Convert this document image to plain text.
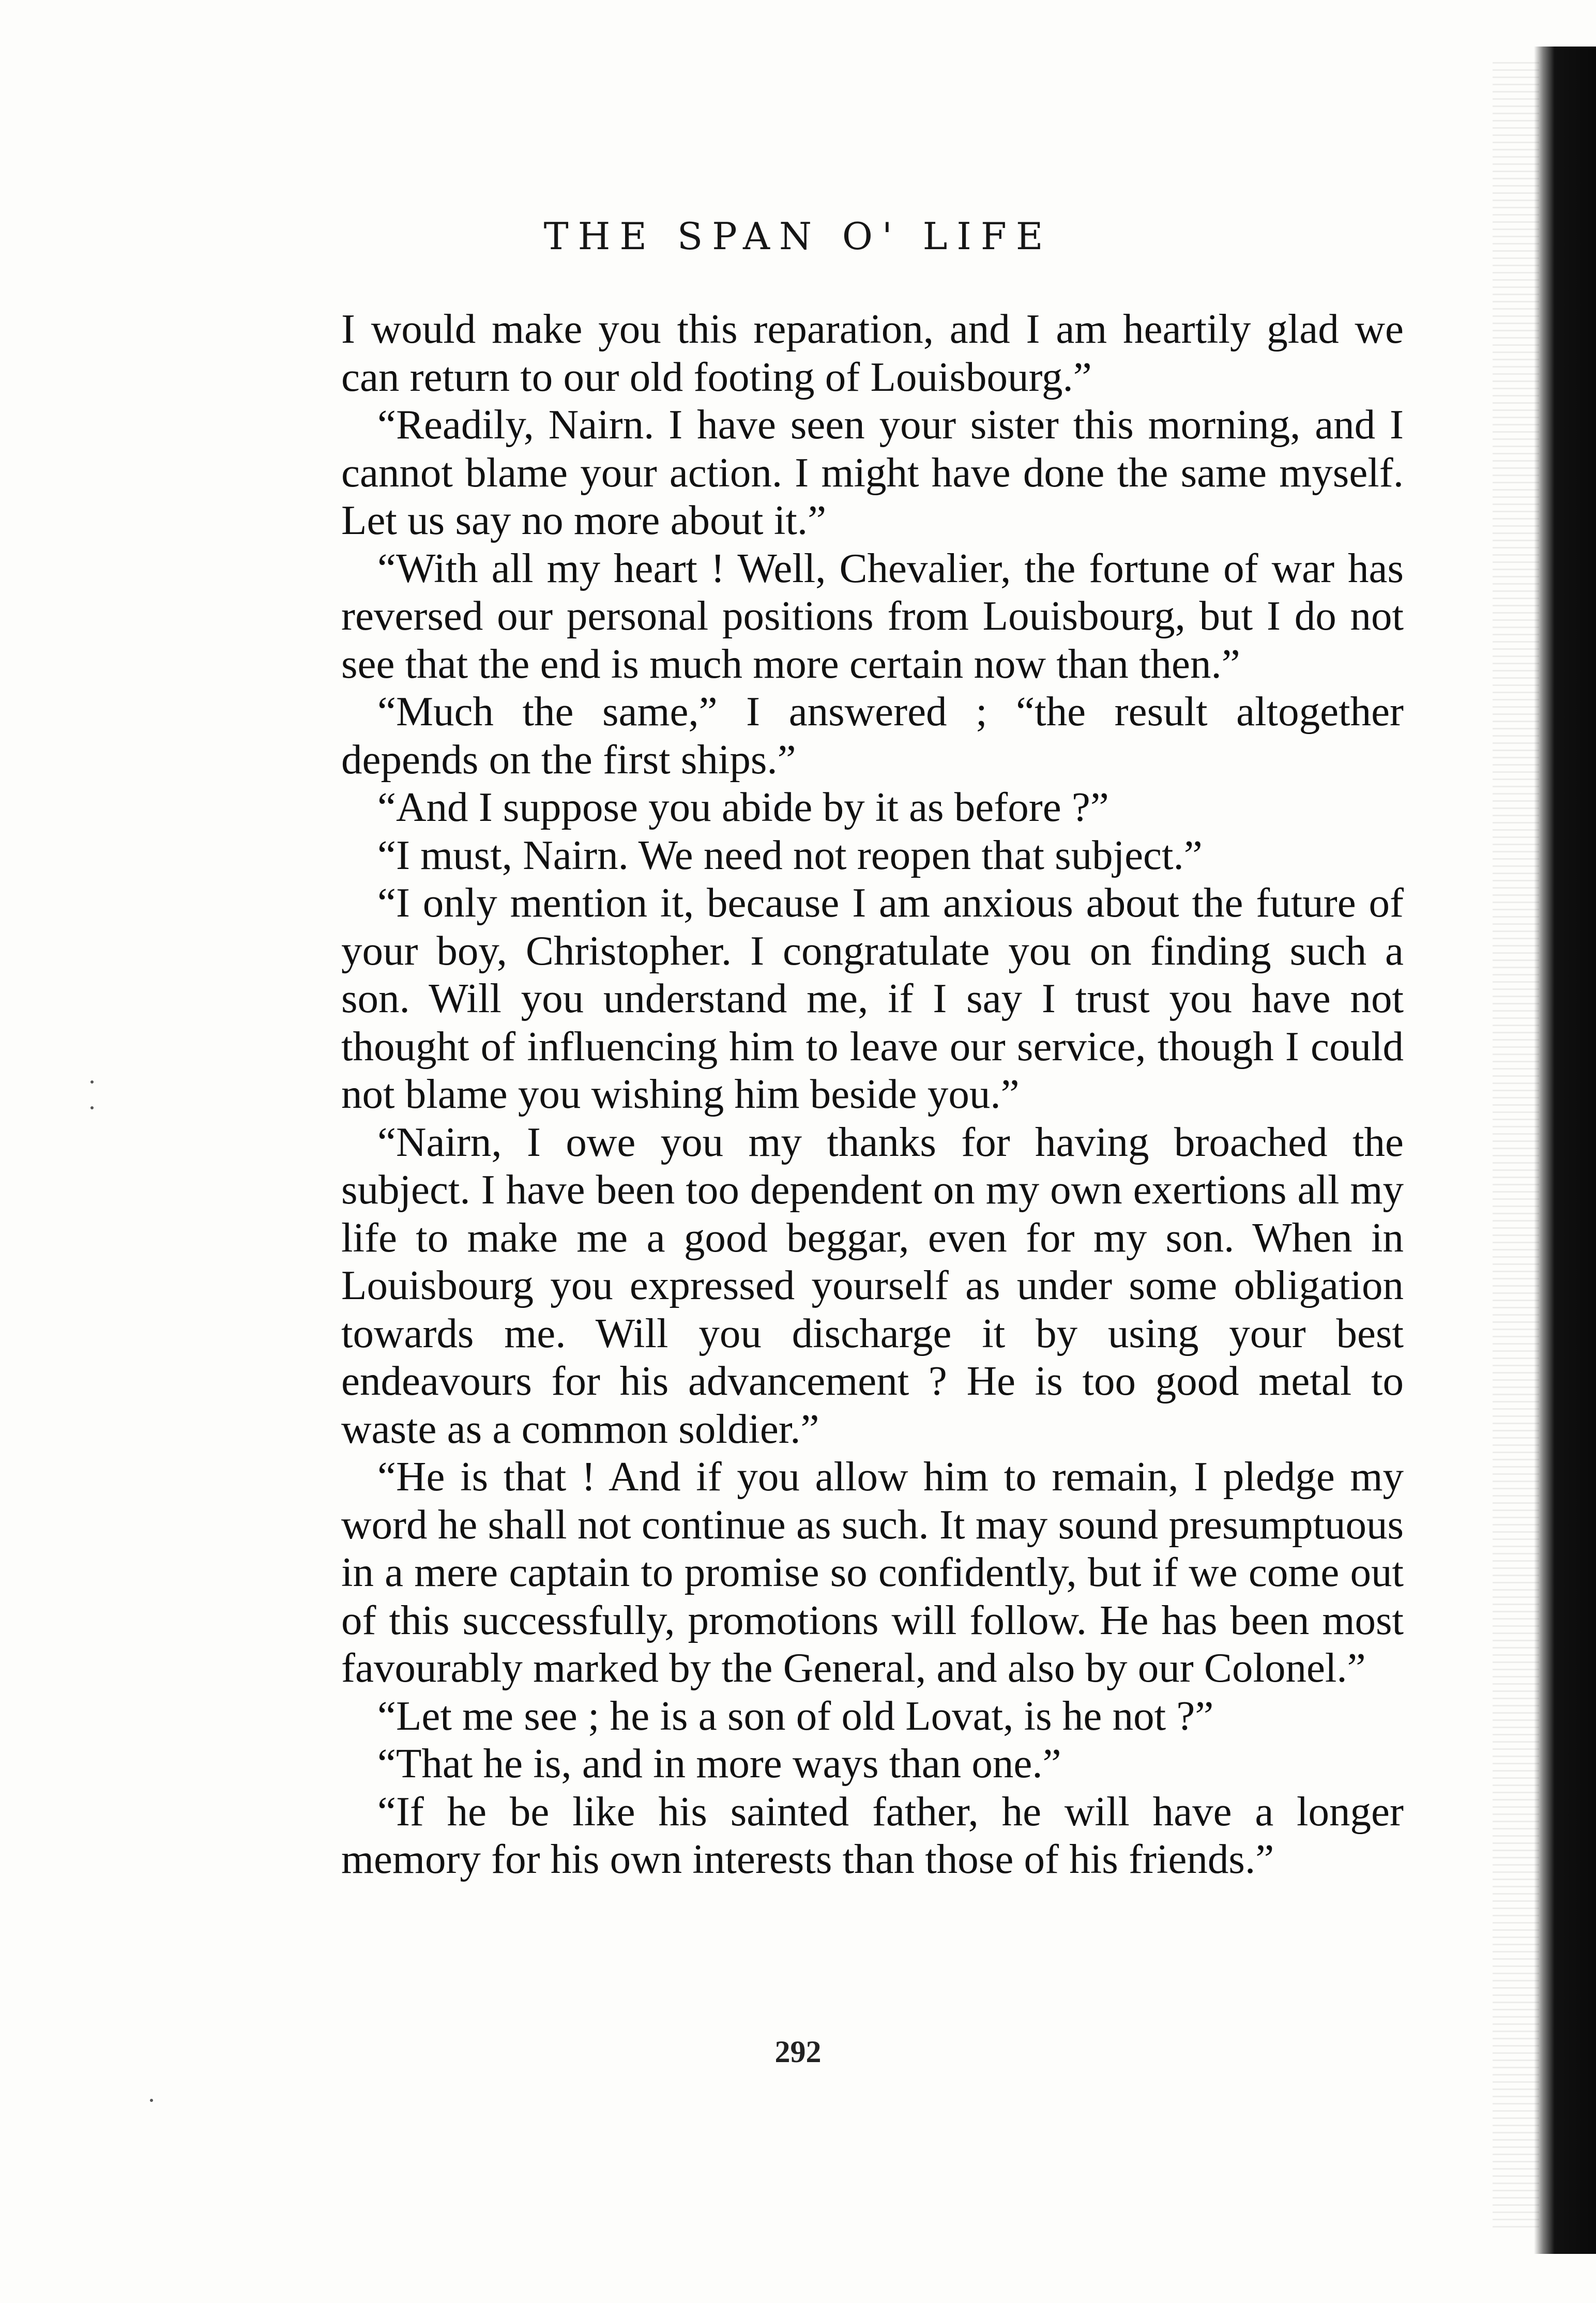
THE SPAN O' LIFE

I would make you this reparation, and I am heartily glad we can return to our old footing of Louisbourg.”

“Readily, Nairn. I have seen your sister this morning, and I cannot blame your action. I might have done the same myself. Let us say no more about it.”

“With all my heart ! Well, Chevalier, the fortune of war has reversed our personal positions from Louisbourg, but I do not see that the end is much more certain now than then.”

“Much the same,” I answered ; “the result altogether depends on the first ships.”

“And I suppose you abide by it as before ?”

“I must, Nairn. We need not reopen that subject.”

“I only mention it, because I am anxious about the future of your boy, Christopher. I congratulate you on finding such a son. Will you understand me, if I say I trust you have not thought of influencing him to leave our service, though I could not blame you wishing him beside you.”

“Nairn, I owe you my thanks for having broached the subject. I have been too dependent on my own exertions all my life to make me a good beggar, even for my son. When in Louisbourg you expressed yourself as under some obligation towards me. Will you discharge it by using your best endeavours for his advancement ? He is too good metal to waste as a common soldier.”

“He is that ! And if you allow him to remain, I pledge my word he shall not continue as such. It may sound presumptuous in a mere captain to promise so confidently, but if we come out of this successfully, promotions will follow. He has been most favourably marked by the General, and also by our Colonel.”

“Let me see ; he is a son of old Lovat, is he not ?”

“That he is, and in more ways than one.”

“If he be like his sainted father, he will have a longer memory for his own interests than those of his friends.”

292
